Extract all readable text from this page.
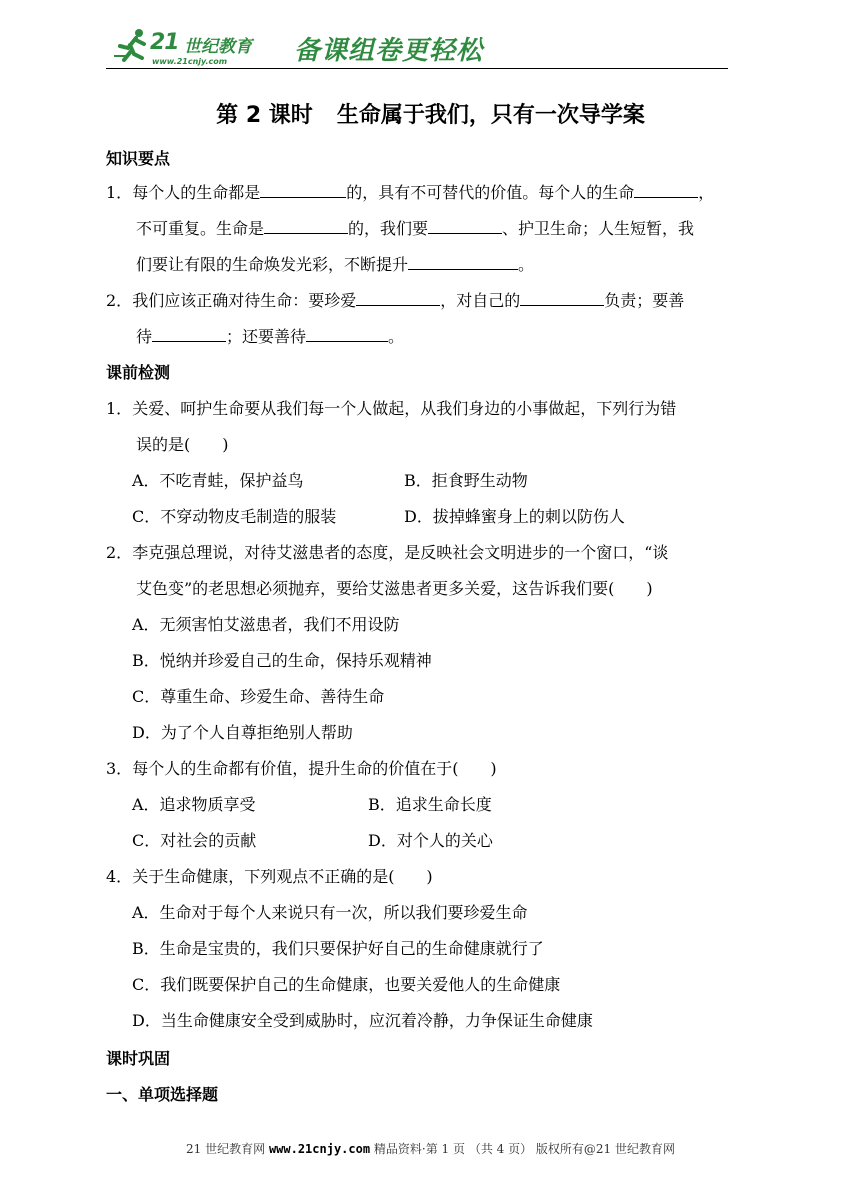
21 世纪教育
www.21cnjy.com	备课组卷更轻松
第 2 课时 生命属于我们，只有一次导学案
知识要点
1．每个人的生命都是	的，具有不可替代的价值。每个人的生命	，
不可重复。生命是	的，我们要	、护卫生命；人生短暂，我
们要让有限的生命焕发光彩，不断提升	。
2．我们应该正确对待生命：要珍爱	，对自己的	负责；要善
待	；还要善待	。
课前检测
1．关爱、呵护生命要从我们每一个人做起，从我们身边的小事做起，下列行为错
误的是(　　)
A．不吃青蛙，保护益鸟	B．拒食野生动物
C．不穿动物皮毛制造的服装	D．拔掉蜂蜜身上的刺以防伤人
2．李克强总理说，对待艾滋患者的态度，是反映社会文明进步的一个窗口，“谈
艾色变”的老思想必须抛弃，要给艾滋患者更多关爱，这告诉我们要(　　)
A．无须害怕艾滋患者，我们不用设防
B．悦纳并珍爱自己的生命，保持乐观精神
C．尊重生命、珍爱生命、善待生命
D．为了个人自尊拒绝别人帮助
3．每个人的生命都有价值，提升生命的价值在于(　　)
A．追求物质享受	B．追求生命长度
C．对社会的贡献	D．对个人的关心
4．关于生命健康，下列观点不正确的是(　　)
A．生命对于每个人来说只有一次，所以我们要珍爱生命
B．生命是宝贵的，我们只要保护好自己的生命健康就行了
C．我们既要保护自己的生命健康，也要关爱他人的生命健康
D．当生命健康安全受到威胁时，应沉着冷静，力争保证生命健康
课时巩固
一、单项选择题
21 世纪教育网 www.21cnjy.com 精品资料·第 1 页 （共 4 页） 版权所有@21 世纪教育网
